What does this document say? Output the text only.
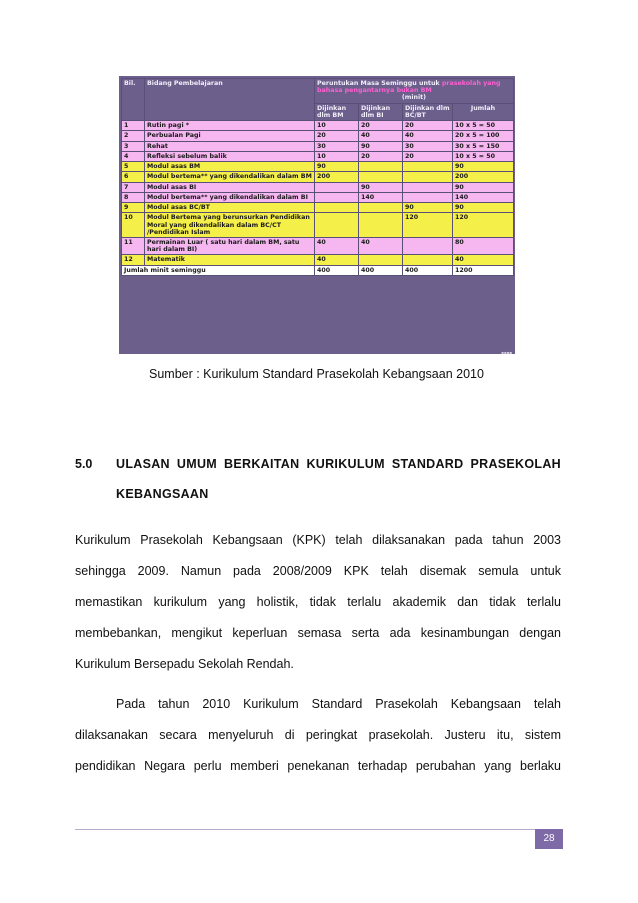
Bil.	Bidang Pembelajaran	Peruntukan Masa Seminggu untuk prasekolah yang bahasa pengantarnya bukan BM
(minit)			

		Dijinkan dlm BM	Dijinkan dlm BI	Dijinkan dlm BC/BT	Jumlah
1	Rutin pagi *	10	20	20	10 x 5 = 50
2	Perbualan Pagi	20	40	40	20 x 5 = 100
3	Rehat	30	90	30	30 x 5 = 150
4	Refleksi sebelum balik	10	20	20	10 x 5 = 50
5	Modul asas BM	90			90
6	Modul bertema** yang dikendalikan dalam BM	200			200
7	Modul asas BI		90		90
8	Modul bertema** yang dikendalikan dalam BI		140		140
9	Modul asas BC/BT			90	90
10	Modul Bertema yang berunsurkan Pendidikan Moral yang dikendalikan dalam BC/CT /Pendidikan Islam			120	120
11	Permainan Luar ( satu hari dalam BM, satu hari dalam BI)	40	40		80
12	Matematik	40			40
Jumlah minit seminggu		400	400	400	1200
▪▪▪▪
Sumber : Kurikulum Standard Prasekolah Kebangsaan 2010
5.0 ULASAN UMUM BERKAITAN KURIKULUM STANDARD PRASEKOLAH
KEBANGSAAN
Kurikulum Prasekolah Kebangsaan (KPK) telah dilaksanakan pada tahun 2003
sehingga 2009. Namun pada 2008/2009 KPK telah disemak semula untuk
memastikan kurikulum yang holistik, tidak terlalu akademik dan tidak terlalu
membebankan, mengikut keperluan semasa serta ada kesinambungan dengan
Kurikulum Bersepadu Sekolah Rendah.
Pada tahun 2010 Kurikulum Standard Prasekolah Kebangsaan telah
dilaksanakan secara menyeluruh di peringkat prasekolah. Justeru itu, sistem
pendidikan Negara perlu memberi penekanan terhadap perubahan yang berlaku
28
